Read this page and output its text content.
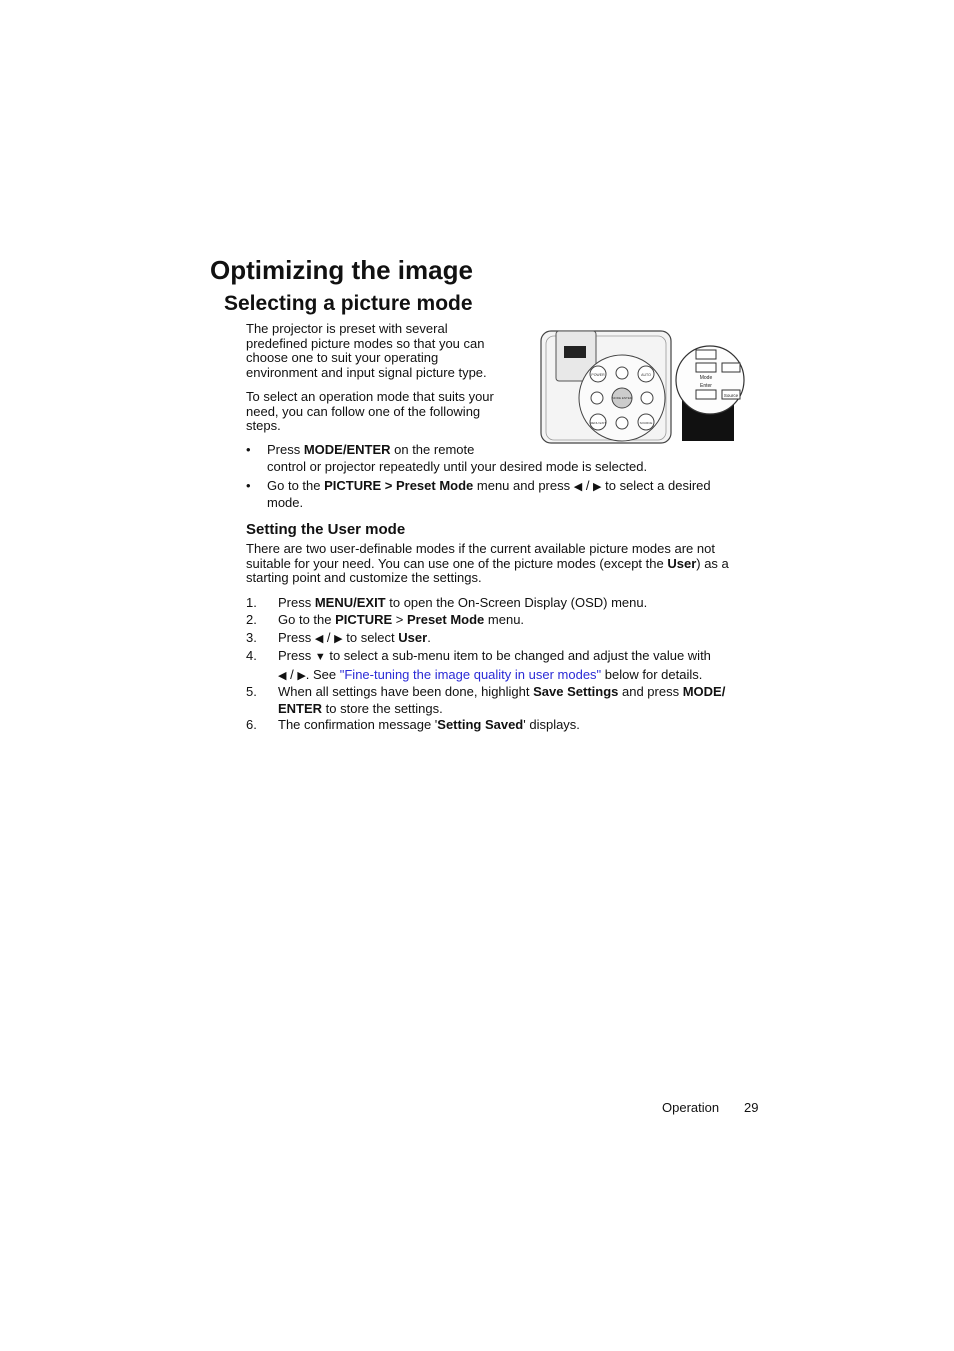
Optimizing the image
Selecting a picture mode
The projector is preset with several predefined picture modes so that you can choose one to suit your operating environment and input signal picture type.
To select an operation mode that suits your need, you can follow one of the following steps.
POWER	AUTO
MENU EXIT	SOURCE
MODE ENTER
Mode
Enter
Source
• Press MODE/ENTER on the remote
control or projector repeatedly until your desired mode is selected.
• Go to the PICTURE > Preset Mode menu and press ◀ / ▶ to select a desired
mode.
Setting the User mode
There are two user-definable modes if the current available picture modes are not suitable for your need. You can use one of the picture modes (except the User) as a starting point and customize the settings.
1. Press MENU/EXIT to open the On-Screen Display (OSD) menu.
2. Go to the PICTURE > Preset Mode menu.
3. Press ◀ / ▶ to select User.
4. Press ▼ to select a sub-menu item to be changed and adjust the value with
◀ / ▶. See "Fine-tuning the image quality in user modes" below for details.
5. When all settings have been done, highlight Save Settings and press MODE/
ENTER to store the settings.
6. The confirmation message 'Setting Saved' displays.
Operation 29
